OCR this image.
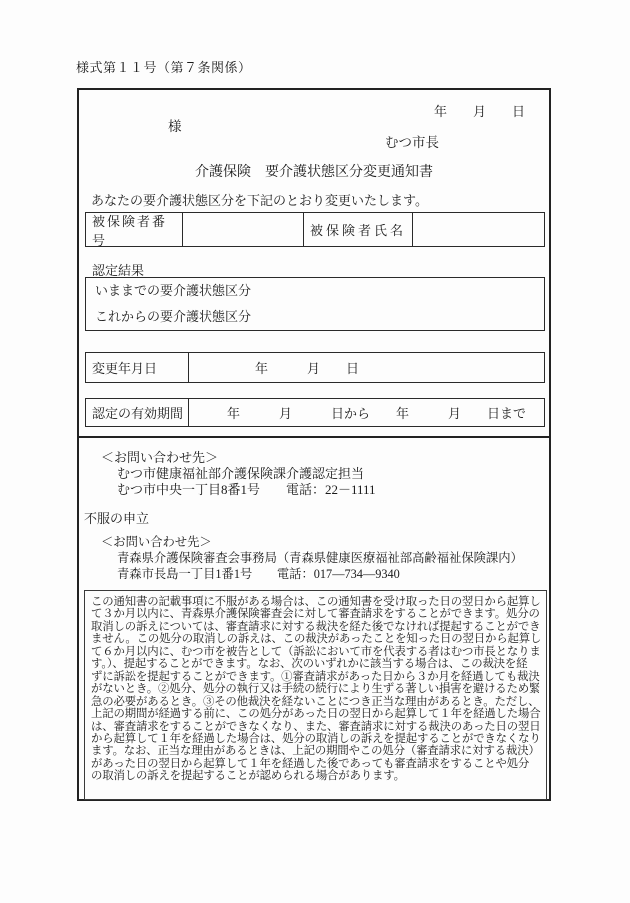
様式第１１号（第７条関係）
年　　月　　日
様
むつ市長
介護保険　要介護状態区分変更通知書
あなたの要介護状態区分を下記のとおり変更いたします。
被保険者番号
被保険者氏名
認定結果
いままでの要介護状態区分
これからの要介護状態区分
変更年月日	年　　　月　　日
認定の有効期間	年　　　月　　　日から　　年　　　月　　日まで
＜お問い合わせ先＞
むつ市健康福祉部介護保険課介護認定担当
むつ市中央一丁目8番1号　　電話：22－1111
不服の申立
＜お問い合わせ先＞
青森県介護保険審査会事務局（青森県健康医療福祉部高齢福祉保険課内）
青森市長島一丁目1番1号　　電話：017―734―9340
この通知書の記載事項に不服がある場合は、この通知書を受け取った日の翌日から起算し
て３か月以内に、青森県介護保険審査会に対して審査請求をすることができます。処分の
取消しの訴えについては、審査請求に対する裁決を経た後でなければ提起することができ
ません。この処分の取消しの訴えは、この裁決があったことを知った日の翌日から起算し
て６か月以内に、むつ市を被告として（訴訟において市を代表する者はむつ市長となりま
す。）、提起することができます。なお、次のいずれかに該当する場合は、この裁決を経
ずに訴訟を提起することができます。①審査請求があった日から３か月を経過しても裁決
がないとき。②処分、処分の執行又は手続の続行により生ずる著しい損害を避けるため緊
急の必要があるとき。③その他裁決を経ないことにつき正当な理由があるとき。ただし、
上記の期間が経過する前に、この処分があった日の翌日から起算して１年を経過した場合
は、審査請求をすることができなくなり、また、審査請求に対する裁決のあった日の翌日
から起算して１年を経過した場合は、処分の取消しの訴えを提起することができなくなり
ます。なお、正当な理由があるときは、上記の期間やこの処分（審査請求に対する裁決）
があった日の翌日から起算して１年を経過した後であっても審査請求をすることや処分
の取消しの訴えを提起することが認められる場合があります。
